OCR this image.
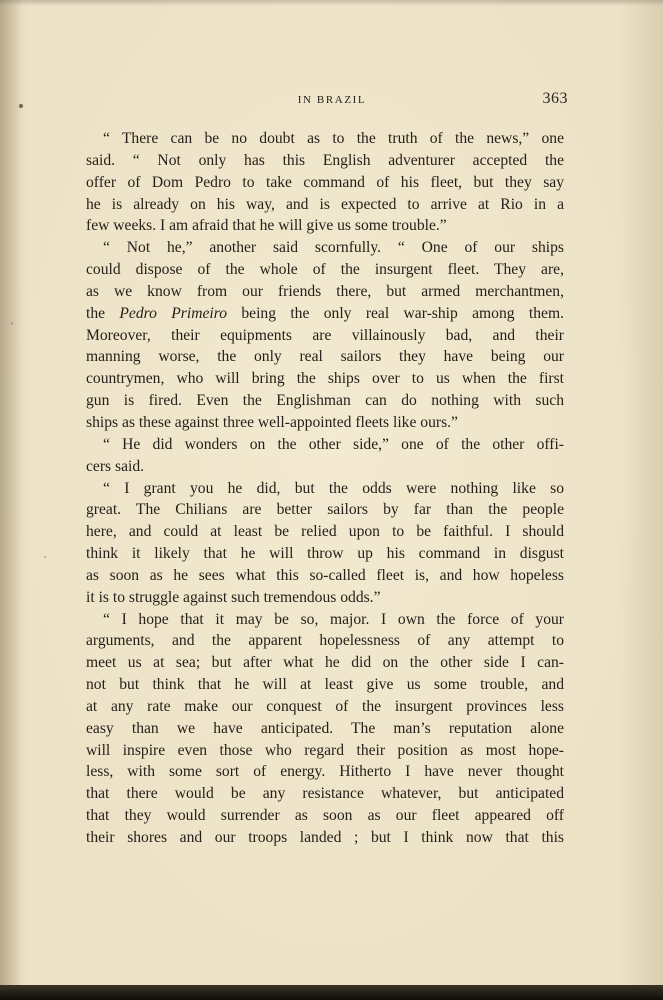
IN BRAZIL	363
“ There can be no doubt as to the truth of the news,” one
said. “ Not only has this English adventurer accepted the
offer of Dom Pedro to take command of his fleet, but they say
he is already on his way, and is expected to arrive at Rio in a
few weeks. I am afraid that he will give us some trouble.”
“ Not he,” another said scornfully. “ One of our ships
could dispose of the whole of the insurgent fleet. They are,
as we know from our friends there, but armed merchantmen,
the Pedro Primeiro being the only real war-ship among them.
Moreover, their equipments are villainously bad, and their
manning worse, the only real sailors they have being our
countrymen, who will bring the ships over to us when the first
gun is fired. Even the Englishman can do nothing with such
ships as these against three well-appointed fleets like ours.”
“ He did wonders on the other side,” one of the other offi-
cers said.
“ I grant you he did, but the odds were nothing like so
great. The Chilians are better sailors by far than the people
here, and could at least be relied upon to be faithful. I should
think it likely that he will throw up his command in disgust
as soon as he sees what this so-called fleet is, and how hopeless
it is to struggle against such tremendous odds.”
“ I hope that it may be so, major. I own the force of your
arguments, and the apparent hopelessness of any attempt to
meet us at sea; but after what he did on the other side I can-
not but think that he will at least give us some trouble, and
at any rate make our conquest of the insurgent provinces less
easy than we have anticipated. The man’s reputation alone
will inspire even those who regard their position as most hope-
less, with some sort of energy. Hitherto I have never thought
that there would be any resistance whatever, but anticipated
that they would surrender as soon as our fleet appeared off
their shores and our troops landed ; but I think now that this
